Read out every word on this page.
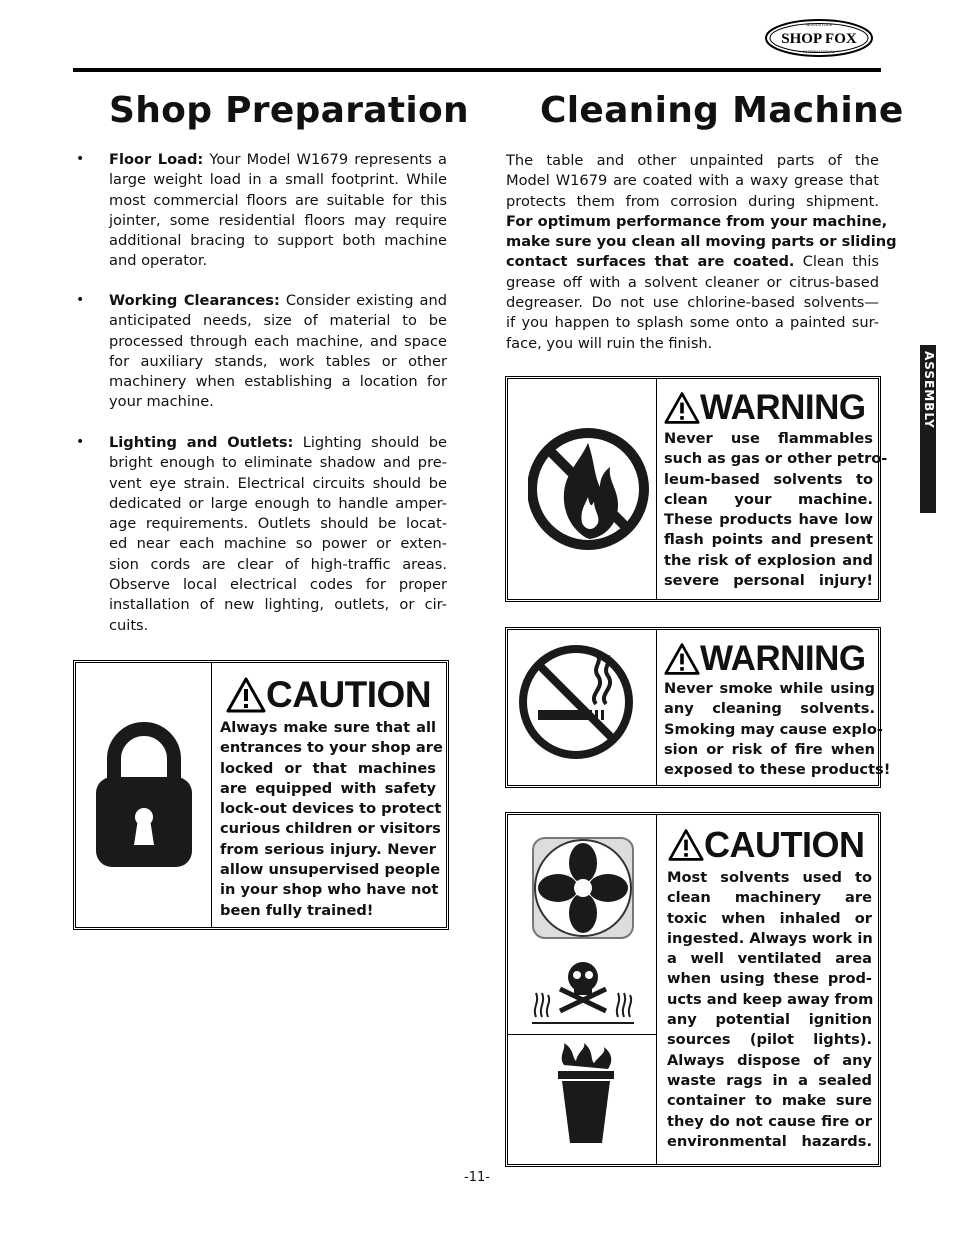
SHOP FOX
WOODSTOCK
INTERNATIONAL
ASSEMBLY
Shop Preparation
• Floor Load: Your Model W1679 represents a
large weight load in a small footprint. While
most commercial floors are suitable for this
jointer, some residential floors may require
additional bracing to support both machine
and operator.
• Working Clearances: Consider existing and
anticipated needs, size of material to be
processed through each machine, and space
for auxiliary stands, work tables or other
machinery when establishing a location for
your machine.
• Lighting and Outlets: Lighting should be
bright enough to eliminate shadow and pre-
vent eye strain. Electrical circuits should be
dedicated or large enough to handle amper-
age requirements. Outlets should be locat-
ed near each machine so power or exten-
sion cords are clear of high-traffic areas.
Observe local electrical codes for proper
installation of new lighting, outlets, or cir-
cuits.
CAUTION
Always make sure that all
entrances to your shop are
locked or that machines
are equipped with safety
lock-out devices to protect
curious children or visitors
from serious injury. Never
allow unsupervised people
in your shop who have not
been fully trained!
Cleaning Machine
The table and other unpainted parts of the
Model W1679 are coated with a waxy grease that
protects them from corrosion during shipment.
For optimum performance from your machine,
make sure you clean all moving parts or sliding
contact surfaces that are coated. Clean this
grease off with a solvent cleaner or citrus-based
degreaser. Do not use chlorine-based solvents—
if you happen to splash some onto a painted sur-
face, you will ruin the finish.
WARNING
Never use flammables
such as gas or other petro-
leum-based solvents to
clean your machine.
These products have low
flash points and present
the risk of explosion and
severe personal injury!
WARNING
Never smoke while using
any cleaning solvents.
Smoking may cause explo-
sion or risk of fire when
exposed to these products!
CAUTION
Most solvents used to
clean machinery are
toxic when inhaled or
ingested. Always work in
a well ventilated area
when using these prod-
ucts and keep away from
any potential ignition
sources (pilot lights).
Always dispose of any
waste rags in a sealed
container to make sure
they do not cause fire or
environmental hazards.
-11-
